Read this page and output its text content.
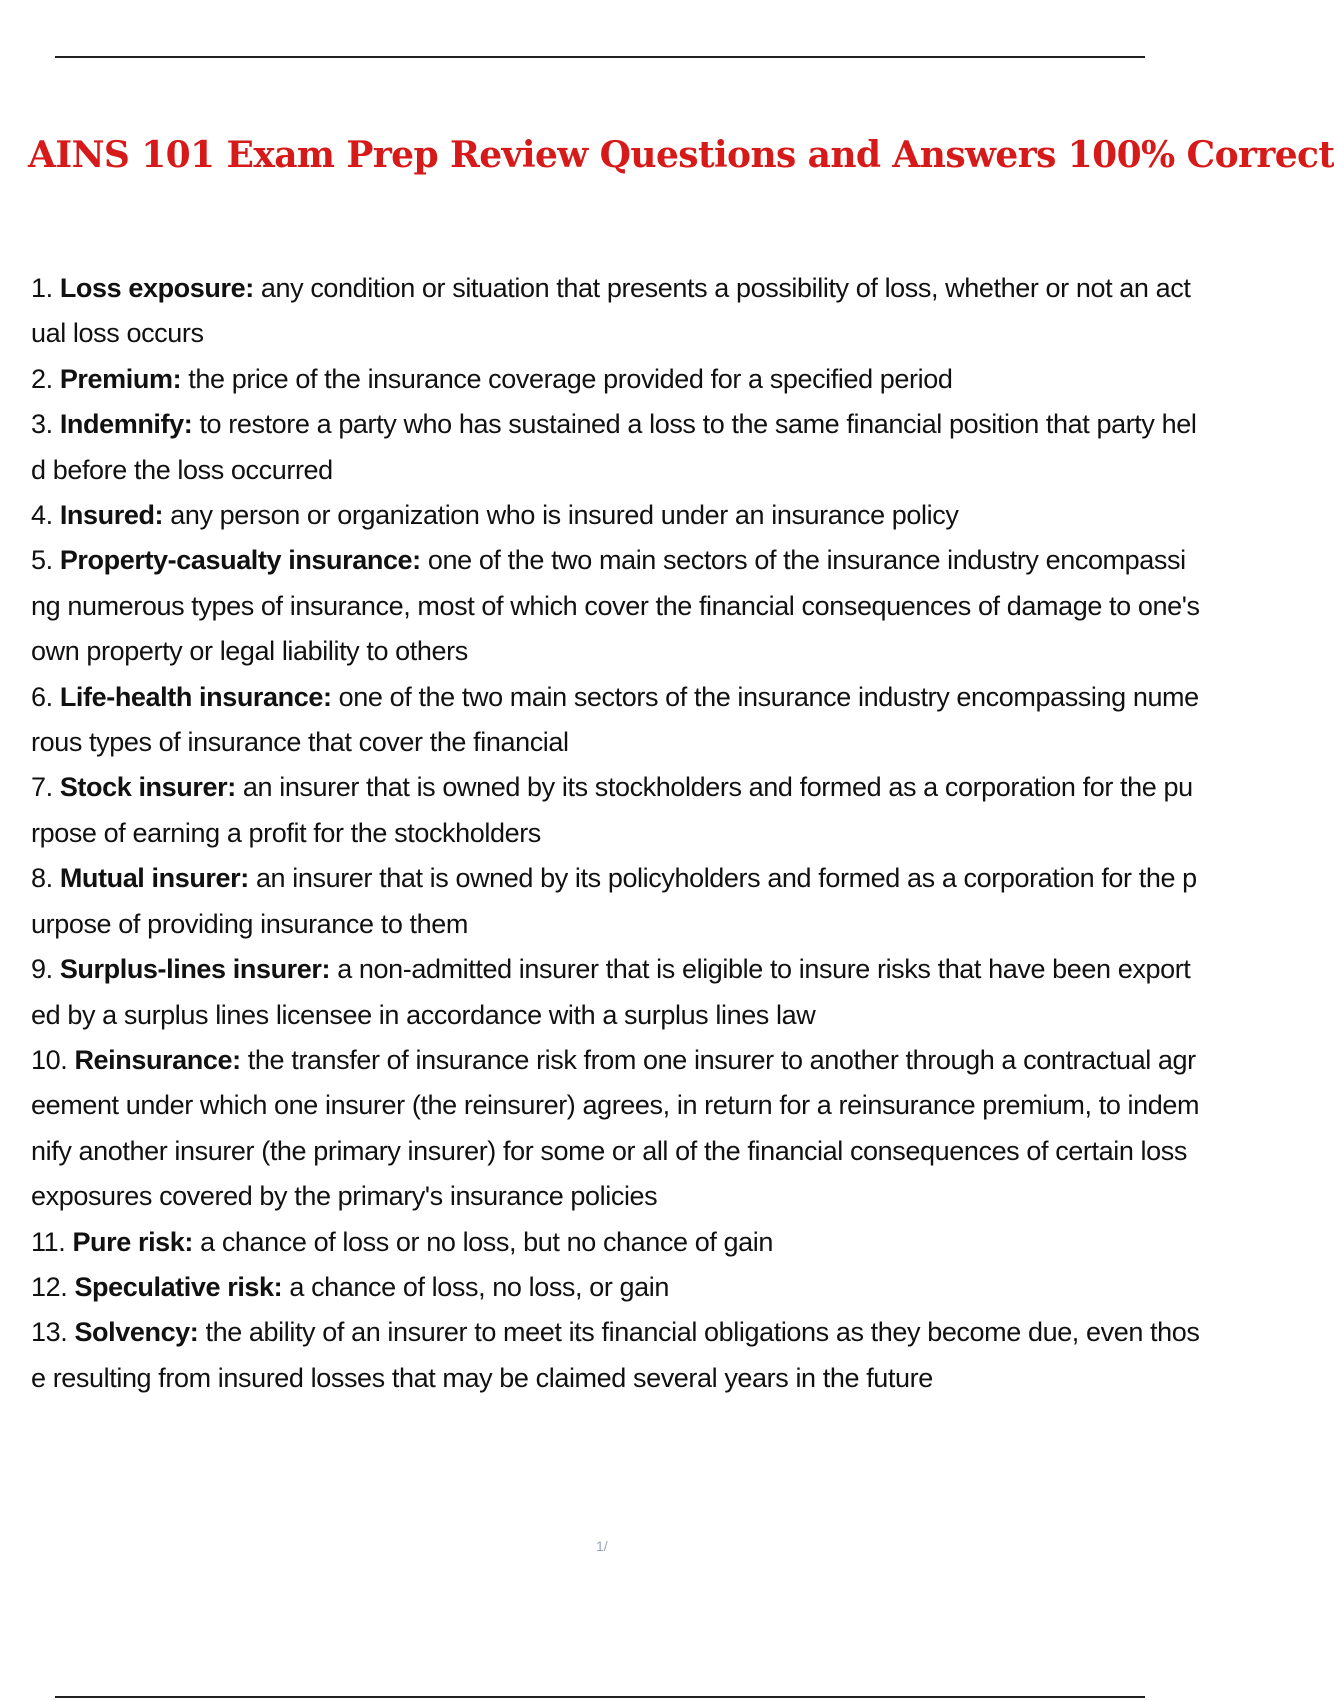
AINS 101 Exam Prep Review Questions and Answers 100% Correct
1. Loss exposure: any condition or situation that presents a possibility of loss, whether or not an actual loss occurs
2. Premium: the price of the insurance coverage provided for a specified period
3. Indemnify: to restore a party who has sustained a loss to the same financial position that party held before the loss occurred
4. Insured: any person or organization who is insured under an insurance policy
5. Property-casualty insurance: one of the two main sectors of the insurance industry encompassing numerous types of insurance, most of which cover the financial consequences of damage to one's own property or legal liability to others
6. Life-health insurance: one of the two main sectors of the insurance industry encompassing numerous types of insurance that cover the financial
7. Stock insurer: an insurer that is owned by its stockholders and formed as a corporation for the purpose of earning a profit for the stockholders
8. Mutual insurer: an insurer that is owned by its policyholders and formed as a corporation for the purpose of providing insurance to them
9. Surplus-lines insurer: a non-admitted insurer that is eligible to insure risks that have been exported by a surplus lines licensee in accordance with a surplus lines law
10. Reinsurance: the transfer of insurance risk from one insurer to another through a contractual agreement under which one insurer (the reinsurer) agrees, in return for a reinsurance premium, to indemnify another insurer (the primary insurer) for some or all of the financial consequences of certain loss exposures covered by the primary's insurance policies
11. Pure risk: a chance of loss or no loss, but no chance of gain
12. Speculative risk: a chance of loss, no loss, or gain
13. Solvency: the ability of an insurer to meet its financial obligations as they become due, even those resulting from insured losses that may be claimed several years in the future
1/
